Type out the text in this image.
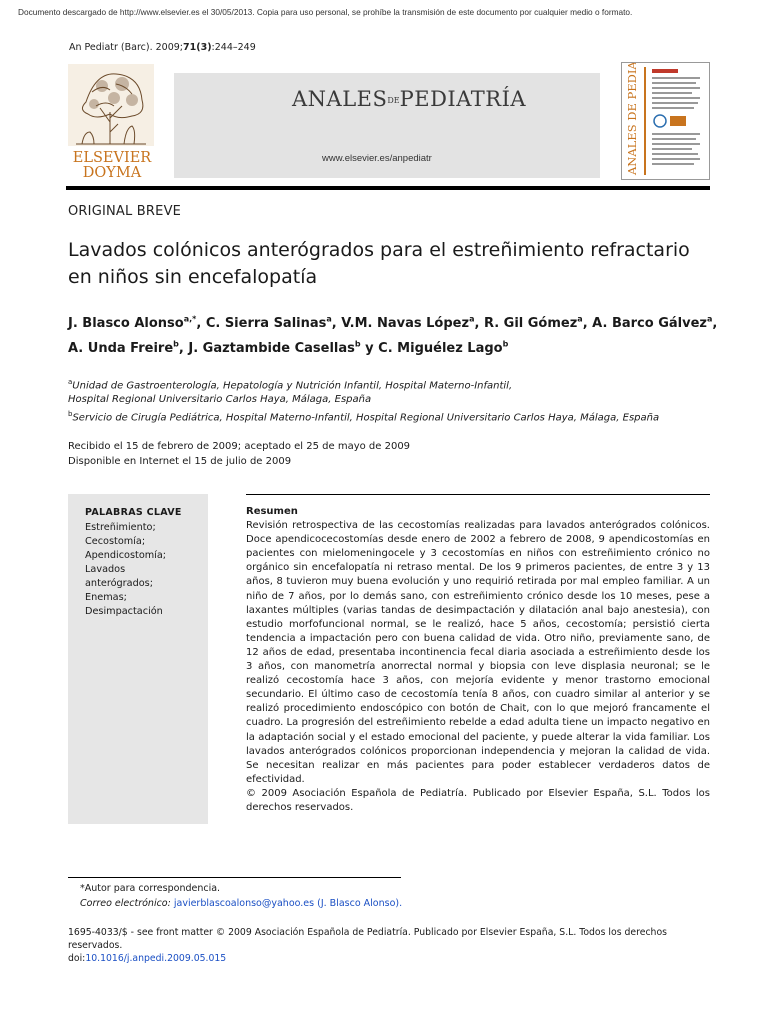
Documento descargado de http://www.elsevier.es el 30/05/2013. Copia para uso personal, se prohíbe la transmisión de este documento por cualquier medio o formato.
An Pediatr (Barc). 2009;71(3):244–249
ELSEVIER
DOYMA
ANALESDEPEDIATRÍA
www.elsevier.es/anpediatr	ANALES DE PEDIATRÍA
ORIGINAL BREVE
Lavados colónicos anterógrados para el estreñimiento refractario en niños sin encefalopatía
J. Blasco Alonso$^{a,*}$, C. Sierra Salinas$^a$, V.M. Navas López$^a$, R. Gil Gómez$^a$, A. Barco Gálvez$^a$,
A. Unda Freire$^b$, J. Gaztambide Casellas$^b$ y C. Miguélez Lago$^b$
$^a$Unidad de Gastroenterología, Hepatología y Nutrición Infantil, Hospital Materno-Infantil,
Hospital Regional Universitario Carlos Haya, Málaga, España
$^b$Servicio de Cirugía Pediátrica, Hospital Materno-Infantil, Hospital Regional Universitario Carlos Haya, Málaga, España
Recibido el 15 de febrero de 2009; aceptado el 25 de mayo de 2009
Disponible en Internet el 15 de julio de 2009
PALABRAS CLAVE
Estreñimiento;
Cecostomía;
Apendicostomía;
Lavados
anterógrados;
Enemas;
Desimpactación
Resumen

Revisión retrospectiva de las cecostomías realizadas para lavados anterógrados colónicos. Doce apendicocecostomías desde enero de 2002 a febrero de 2008, 9 apendicostomías en pacientes con mielomeningocele y 3 cecostomías en niños con estreñimiento crónico no orgánico sin encefalopatía ni retraso mental. De los 9 primeros pacientes, de entre 3 y 13 años, 8 tuvieron muy buena evolución y uno requirió retirada por mal empleo familiar. A un niño de 7 años, por lo demás sano, con estreñimiento crónico desde los 10 meses, pese a laxantes múltiples (varias tandas de desimpactación y dilatación anal bajo anestesia), con estudio morfofuncional normal, se le realizó, hace 5 años, cecostomía; persistió cierta tendencia a impactación pero con buena calidad de vida. Otro niño, previamente sano, de 12 años de edad, presentaba incontinencia fecal diaria asociada a estreñimiento desde los 3 años, con manometría anorrectal normal y biopsia con leve displasia neuronal; se le realizó cecostomía hace 3 años, con mejoría evidente y menor trastorno emocional secundario. El último caso de cecostomía tenía 8 años, con cuadro similar al anterior y se realizó procedimiento endoscópico con botón de Chait, con lo que mejoró francamente el cuadro. La progresión del estreñimiento rebelde a edad adulta tiene un impacto negativo en la adaptación social y el estado emocional del paciente, y puede alterar la vida familiar. Los lavados anterógrados colónicos proporcionan independencia y mejoran la calidad de vida. Se necesitan realizar en más pacientes para poder establecer verdaderos datos de efectividad.

© 2009 Asociación Española de Pediatría. Publicado por Elsevier España, S.L. Todos los derechos reservados.

*Autor para correspondencia.
Correo electrónico: javierblascoalonso@yahoo.es (J. Blasco Alonso).
1695-4033/$ - see front matter © 2009 Asociación Española de Pediatría. Publicado por Elsevier España, S.L. Todos los derechos reservados.
doi:10.1016/j.anpedi.2009.05.015
